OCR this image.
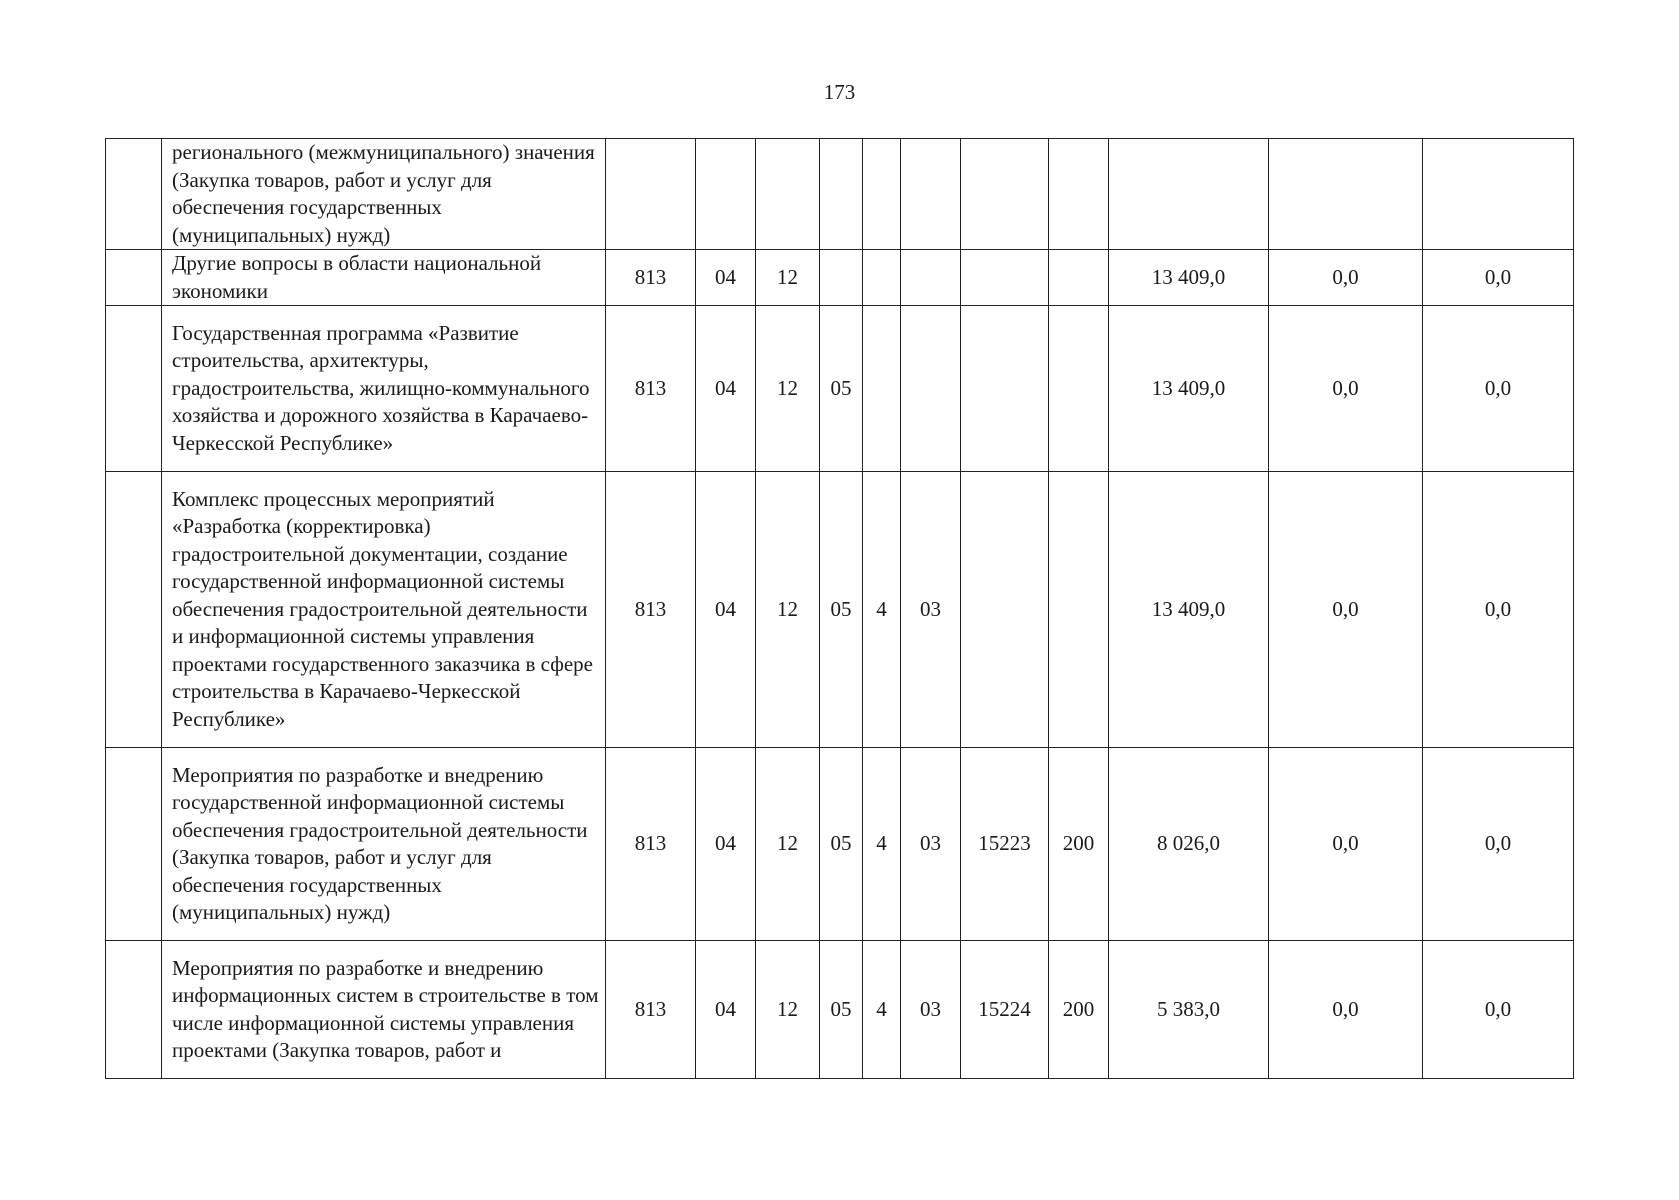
173
	регионального (межмуниципального) значения (Закупка товаров, работ и услуг для обеспечения государственных (муниципальных) нужд)											
	Другие вопросы в области национальной экономики	813	04	12						13 409,0	0,0	0,0
	Государственная программа «Развитие строительства, архитектуры, градостроительства, жилищно-коммунального хозяйства и дорожного хозяйства в Карачаево-Черкесской Республике»	813	04	12	05					13 409,0	0,0	0,0
	Комплекс процессных мероприятий «Разработка (корректировка) градостроительной документации, создание государственной информационной системы обеспечения градостроительной деятельности и информационной системы управления проектами государственного заказчика в сфере строительства в Карачаево-Черкесской Республике»	813	04	12	05	4	03			13 409,0	0,0	0,0
	Мероприятия по разработке и внедрению государственной информационной системы обеспечения градостроительной деятельности (Закупка товаров, работ и услуг для обеспечения государственных (муниципальных) нужд)	813	04	12	05	4	03	15223	200	8 026,0	0,0	0,0
	Мероприятия по разработке и внедрению информационных систем в строительстве в том числе информационной системы управления проектами (Закупка товаров, работ и	813	04	12	05	4	03	15224	200	5 383,0	0,0	0,0
